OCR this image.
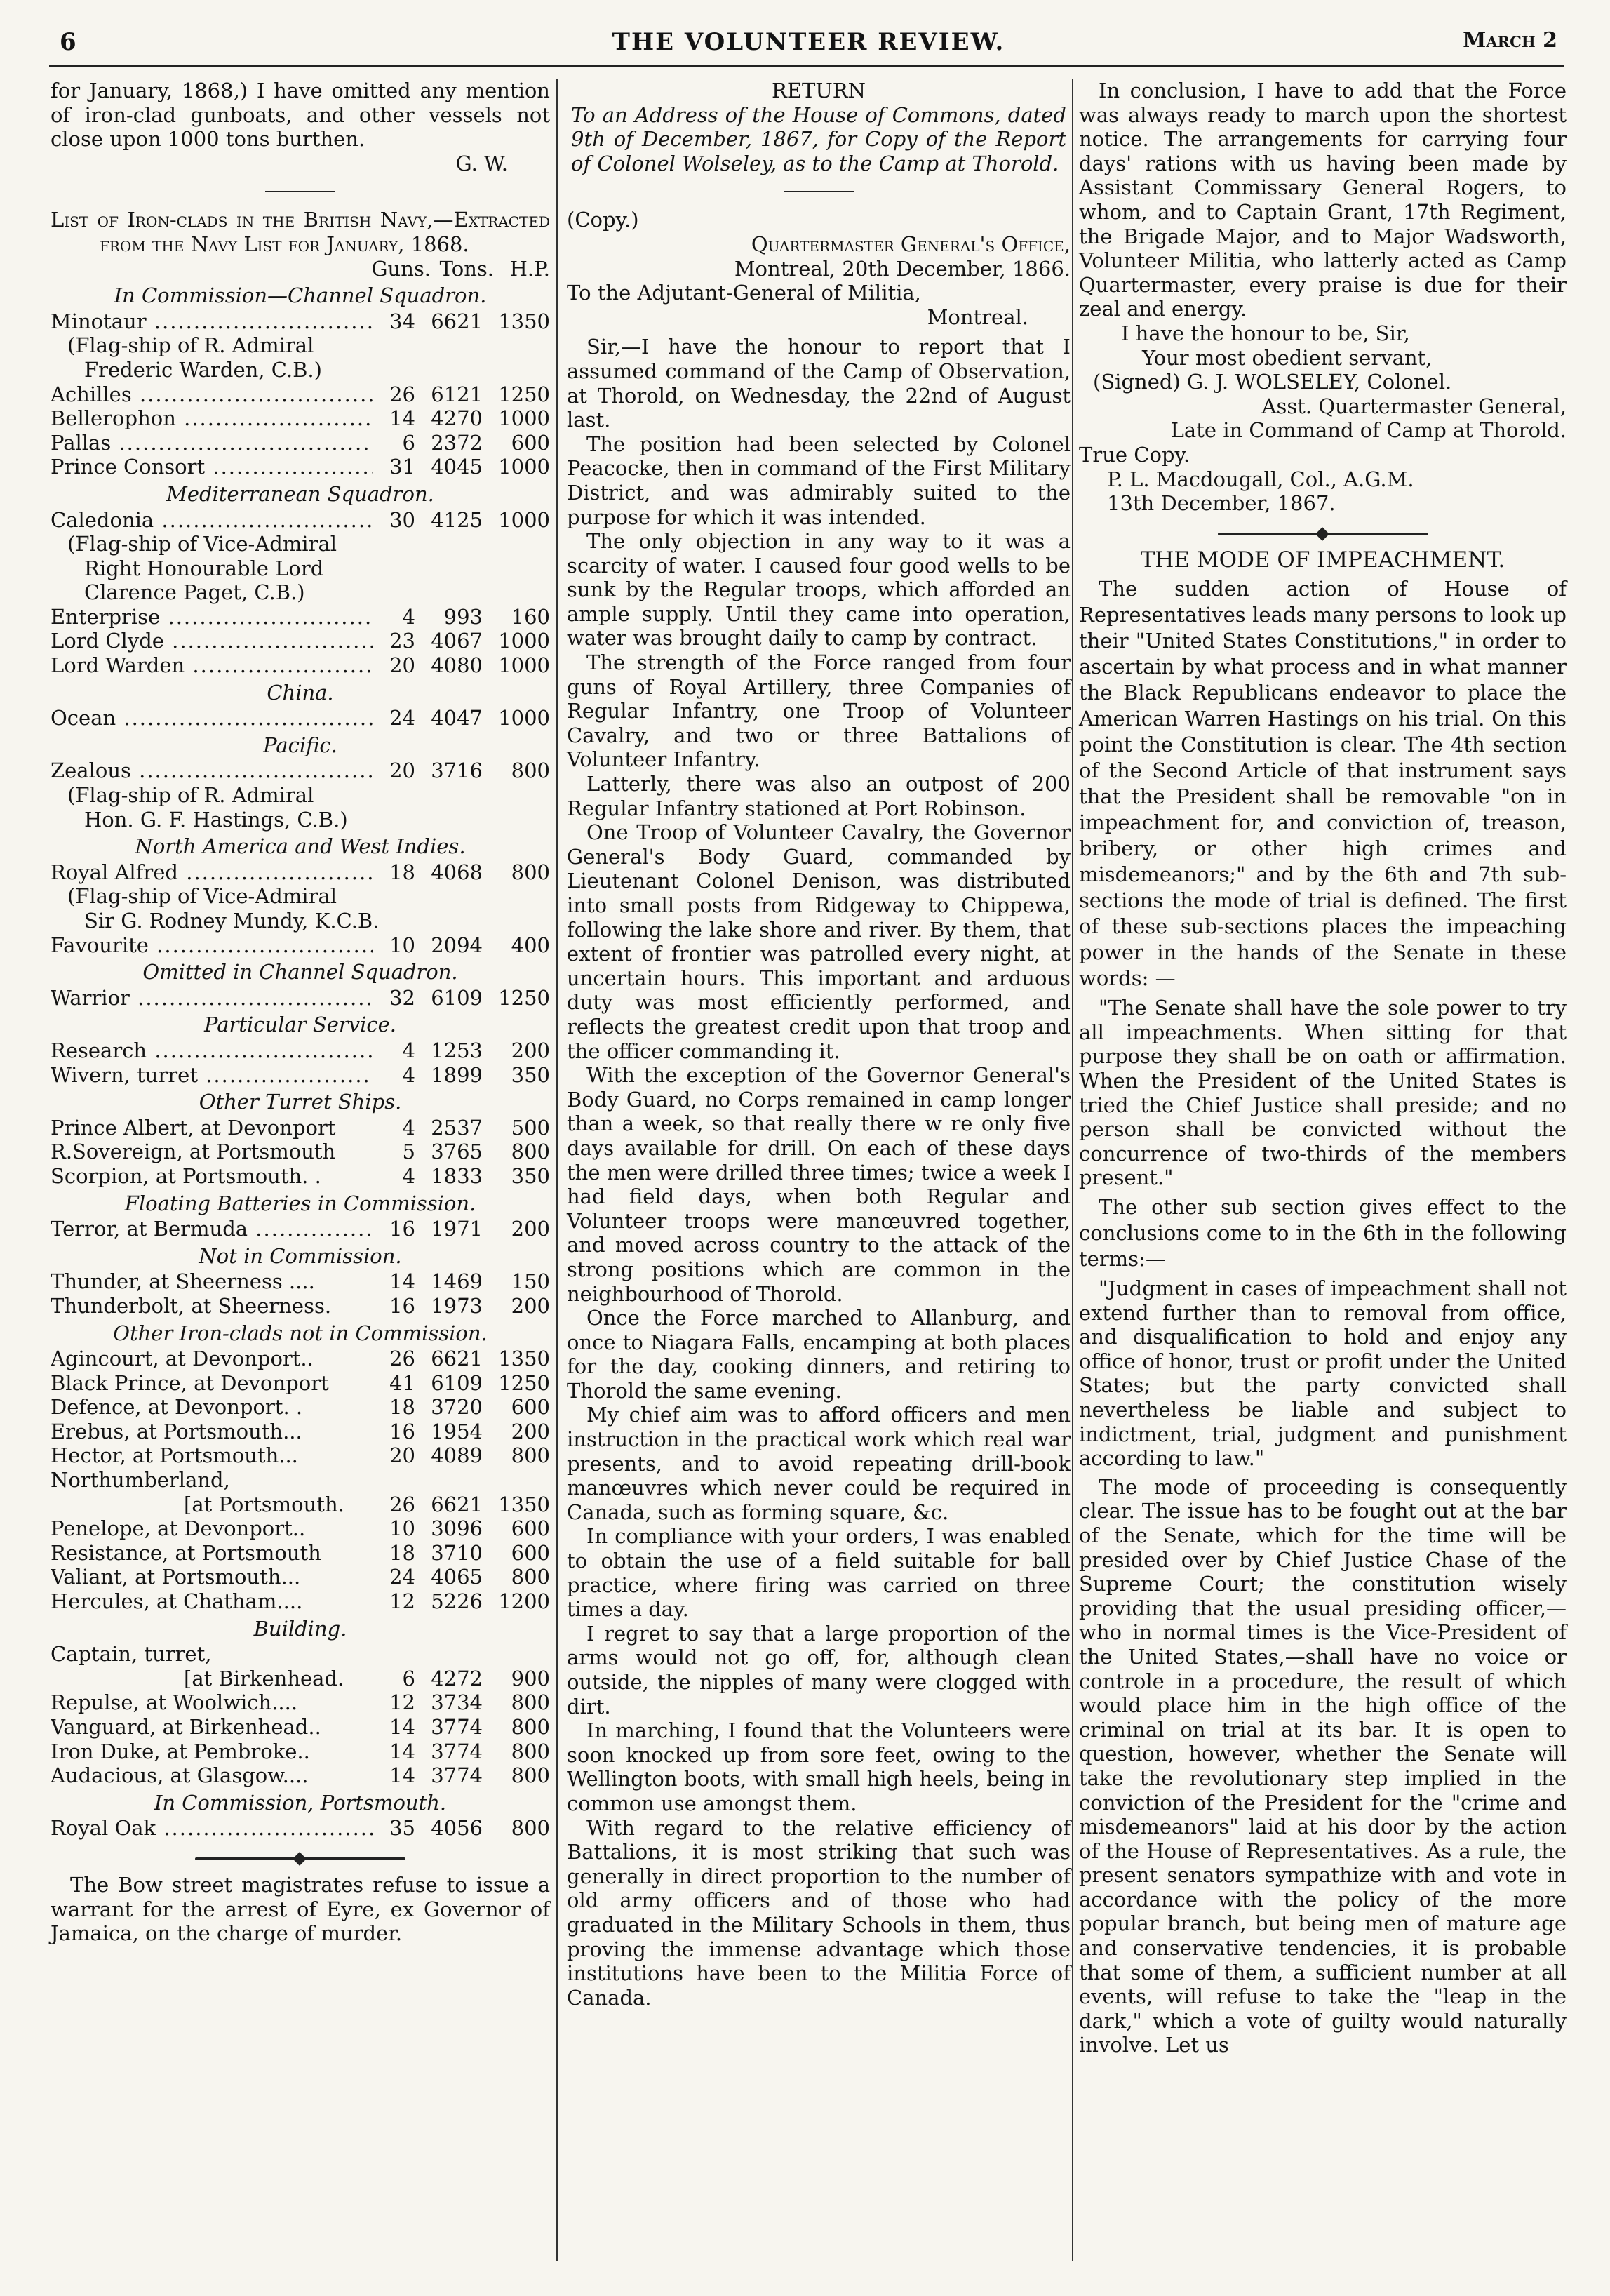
6	THE VOLUNTEER REVIEW.	March 2

for January, 1868,) I have omitted any mention of iron-clad gunboats, and other vessels not close upon 1000 tons burthen.

G. W.

List of Iron-clads in the British Navy,—Extracted from the Navy List for January, 1868.

Guns. Tons. H.P.
In Commission—Channel Squadron.
Minotaur .....	34 6621 1350
(Flag-ship of R. Admiral
Frederic Warden, C.B.)
Achilles .....	26 6121 1250
Bellerophon .....	14 4270 1000
Pallas .....	6 2372	600
Prince Consort .....	31 4045 1000
Mediterranean Squadron.
Caledonia .....	30 4125 1000
(Flag-ship of Vice-Admiral
Right Honourable Lord
Clarence Paget, C.B.)
Enterprise .....	4	993	160
Lord Clyde .....	23 4067 1000
Lord Warden .....	20 4080 1000
China.
Ocean .....	24 4047 1000
Pacific.
Zealous .....	20 3716	800
(Flag-ship of R. Admiral
Hon. G. F. Hastings, C.B.)
North America and West Indies.
Royal Alfred .....	18 4068	800
(Flag-ship of Vice-Admiral
Sir G. Rodney Mundy, K.C.B.
Favourite .....	10 2094	400
Omitted in Channel Squadron.
Warrior .....	32 6109 1250
Particular Service.
Research .....	4 1253	200
Wivern, turret .....	4 1899	350
Other Turret Ships.
Prince Albert, at Devonport	4 2537	500
R.Sovereign, at Portsmouth	5 3765	800
Scorpion, at Portsmouth. .	4 1833	350
Floating Batteries in Commission.
Terror, at Bermuda .....	16 1971	200
Not in Commission.
Thunder, at Sheerness ....	14 1469	150
Thunderbolt, at Sheerness.	16 1973	200
Other Iron-clads not in Commission.
Agincourt, at Devonport..	26 6621 1350
Black Prince, at Devonport	41 6109 1250
Defence, at Devonport. .	18 3720	600
Erebus, at Portsmouth...	16 1954	200
Hector, at Portsmouth...	20 4089	800
Northumberland,
[at Portsmouth.	26 6621 1350
Penelope, at Devonport..	10 3096	600
Resistance, at Portsmouth	18 3710	600
Valiant, at Portsmouth...	24 4065	800
Hercules, at Chatham....	12 5226 1200
Building.
Captain, turret,
[at Birkenhead.	6 4272	900
Repulse, at Woolwich....	12 3734	800
Vanguard, at Birkenhead..	14 3774	800
Iron Duke, at Pembroke..	14 3774	800
Audacious, at Glasgow....	14 3774	800
In Commission, Portsmouth.
Royal Oak .....	35 4056	800

The Bow street magistrates refuse to issue a warrant for the arrest of Eyre, ex Governor of Jamaica, on the charge of murder.

RETURN

To an Address of the House of Commons, dated 9th of December, 1867, for Copy of the Report of Colonel Wolseley, as to the Camp at Thorold.

(Copy.)

Quartermaster General's Office,

Montreal, 20th December, 1866.

To the Adjutant-General of Militia,

Montreal.

Sir,—I have the honour to report that I assumed command of the Camp of Observation, at Thorold, on Wednesday, the 22nd of August last.

The position had been selected by Colonel Peacocke, then in command of the First Military District, and was admirably suited to the purpose for which it was intended.

The only objection in any way to it was a scarcity of water. I caused four good wells to be sunk by the Regular troops, which afforded an ample supply. Until they came into operation, water was brought daily to camp by contract.

The strength of the Force ranged from four guns of Royal Artillery, three Companies of Regular Infantry, one Troop of Volunteer Cavalry, and two or three Battalions of Volunteer Infantry.

Latterly, there was also an outpost of 200 Regular Infantry stationed at Port Robinson.

One Troop of Volunteer Cavalry, the Governor General's Body Guard, commanded by Lieutenant Colonel Denison, was distributed into small posts from Ridgeway to Chippewa, following the lake shore and river. By them, that extent of frontier was patrolled every night, at uncertain hours. This important and arduous duty was most efficiently performed, and reflects the greatest credit upon that troop and the officer commanding it.

With the exception of the Governor General's Body Guard, no Corps remained in camp longer than a week, so that really there w re only five days available for drill. On each of these days the men were drilled three times; twice a week I had field days, when both Regular and Volunteer troops were manœuvred together, and moved across country to the attack of the strong positions which are common in the neighbourhood of Thorold.

Once the Force marched to Allanburg, and once to Niagara Falls, encamping at both places for the day, cooking dinners, and retiring to Thorold the same evening.

My chief aim was to afford officers and men instruction in the practical work which real war presents, and to avoid repeating drill-book manœuvres which never could be required in Canada, such as forming square, &c.

In compliance with your orders, I was enabled to obtain the use of a field suitable for ball practice, where firing was carried on three times a day.

I regret to say that a large proportion of the arms would not go off, for, although clean outside, the nipples of many were clogged with dirt.

In marching, I found that the Volunteers were soon knocked up from sore feet, owing to the Wellington boots, with small high heels, being in common use amongst them.

With regard to the relative efficiency of Battalions, it is most striking that such was generally in direct proportion to the number of old army officers and of those who had graduated in the Military Schools in them, thus proving the immense advantage which those institutions have been to the Militia Force of Canada.

In conclusion, I have to add that the Force was always ready to march upon the shortest notice. The arrangements for carrying four days' rations with us having been made by Assistant Commissary General Rogers, to whom, and to Captain Grant, 17th Regiment, the Brigade Major, and to Major Wadsworth, Volunteer Militia, who latterly acted as Camp Quartermaster, every praise is due for their zeal and energy.

I have the honour to be, Sir,

Your most obedient servant,

(Signed) G. J. WOLSELEY, Colonel.

Asst. Quartermaster General,

Late in Command of Camp at Thorold.

True Copy.

P. L. Macdougall, Col., A.G.M.

13th December, 1867.

THE MODE OF IMPEACHMENT.

The sudden action of House of Representatives leads many persons to look up their "United States Constitutions," in order to ascertain by what process and in what manner the Black Republicans endeavor to place the American Warren Hastings on his trial. On this point the Constitution is clear. The 4th section of the Second Article of that instrument says that the President shall be removable "on in impeachment for, and conviction of, treason, bribery, or other high crimes and misdemeanors;" and by the 6th and 7th sub-sections the mode of trial is defined. The first of these sub-sections places the impeaching power in the hands of the Senate in these words: —

"The Senate shall have the sole power to try all impeachments. When sitting for that purpose they shall be on oath or affirmation. When the President of the United States is tried the Chief Justice shall preside; and no person shall be convicted without the concurrence of two-thirds of the members present."

The other sub section gives effect to the conclusions come to in the 6th in the following terms:—

"Judgment in cases of impeachment shall not extend further than to removal from office, and disqualification to hold and enjoy any office of honor, trust or profit under the United States; but the party convicted shall nevertheless be liable and subject to indictment, trial, judgment and punishment according to law."

The mode of proceeding is consequently clear. The issue has to be fought out at the bar of the Senate, which for the time will be presided over by Chief Justice Chase of the Supreme Court; the constitution wisely providing that the usual presiding officer,—who in normal times is the Vice-President of the United States,—shall have no voice or controle in a procedure, the result of which would place him in the high office of the criminal on trial at its bar. It is open to question, however, whether the Senate will take the revolutionary step implied in the conviction of the President for the "crime and misdemeanors" laid at his door by the action of the House of Representatives. As a rule, the present senators sympathize with and vote in accordance with the policy of the more popular branch, but being men of mature age and conservative tendencies, it is probable that some of them, a sufficient number at all events, will refuse to take the "leap in the dark," which a vote of guilty would naturally involve. Let us
